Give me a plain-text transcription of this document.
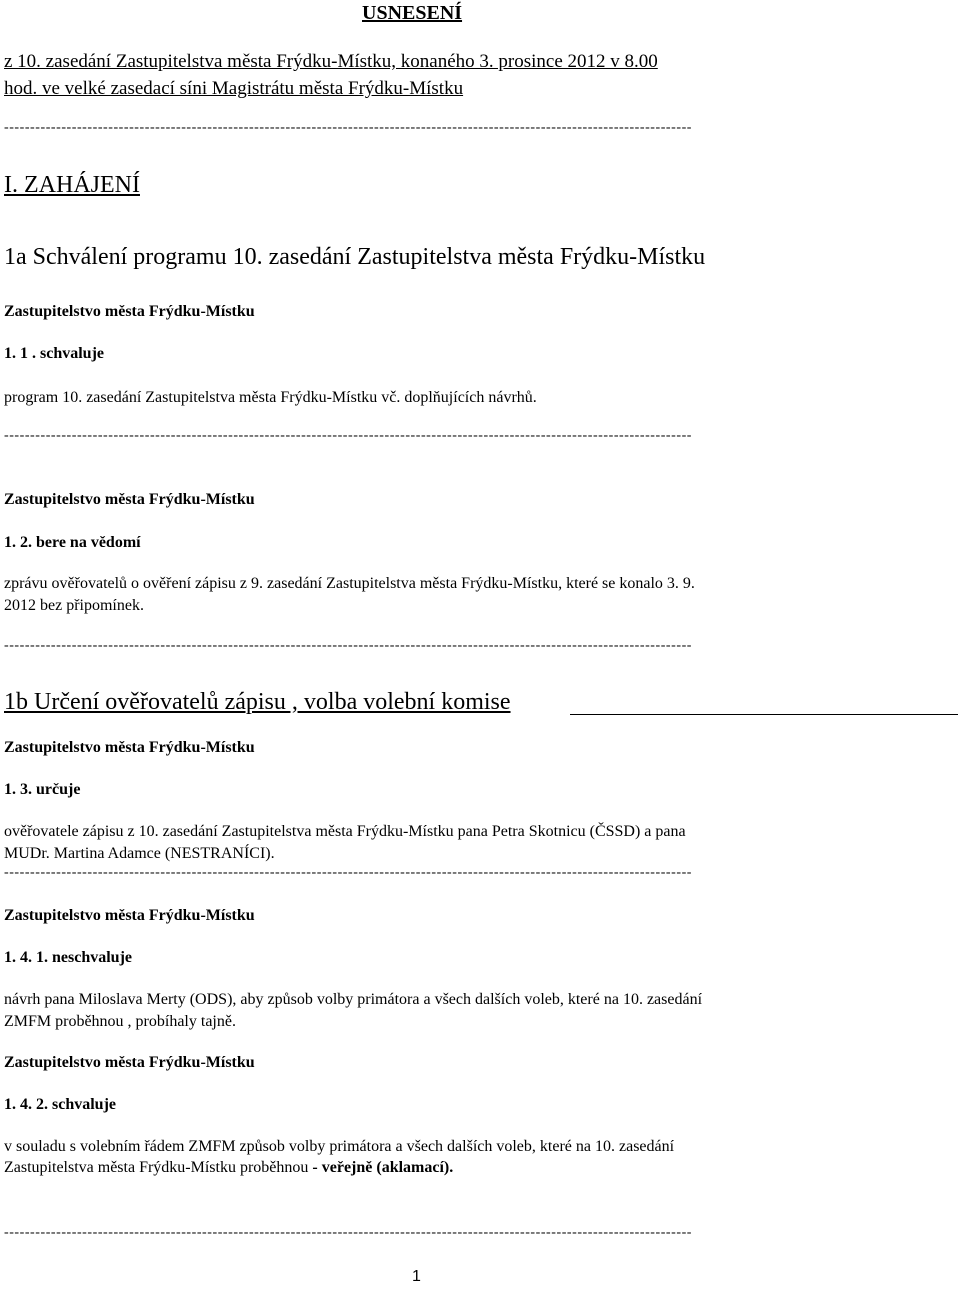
USNESENÍ
z 10. zasedání Zastupitelstva města Frýdku-Místku, konaného 3. prosince 2012 v 8.00
hod. ve velké zasedací síni Magistrátu města Frýdku-Místku
------------------------------------------------------------------------------------------------------------------------------------
I. ZAHÁJENÍ
1a Schválení programu 10. zasedání Zastupitelstva města Frýdku-Místku
Zastupitelstvo města Frýdku-Místku
1. 1 . schvaluje
program 10. zasedání Zastupitelstva města Frýdku-Místku vč. doplňujících návrhů.
------------------------------------------------------------------------------------------------------------------------------------
Zastupitelstvo města Frýdku-Místku
1. 2. bere na vědomí
zprávu ověřovatelů o ověření zápisu z 9. zasedání Zastupitelstva města Frýdku-Místku, které se konalo 3. 9.
2012 bez připomínek.
------------------------------------------------------------------------------------------------------------------------------------
1b Určení ověřovatelů zápisu , volba volební komise
Zastupitelstvo města Frýdku-Místku
1. 3. určuje
ověřovatele zápisu z 10. zasedání Zastupitelstva města Frýdku-Místku pana Petra Skotnicu (ČSSD) a pana
MUDr. Martina Adamce (NESTRANÍCI).
------------------------------------------------------------------------------------------------------------------------------------
Zastupitelstvo města Frýdku-Místku
1. 4. 1. neschvaluje
návrh pana Miloslava Merty (ODS), aby způsob volby primátora a všech dalších voleb, které na 10. zasedání
ZMFM proběhnou , probíhaly tajně.
Zastupitelstvo města Frýdku-Místku
1. 4. 2. schvaluje
v souladu s volebním řádem ZMFM způsob volby primátora a všech dalších voleb, které na 10. zasedání
Zastupitelstva města Frýdku-Místku proběhnou - veřejně (aklamací).
------------------------------------------------------------------------------------------------------------------------------------
1
